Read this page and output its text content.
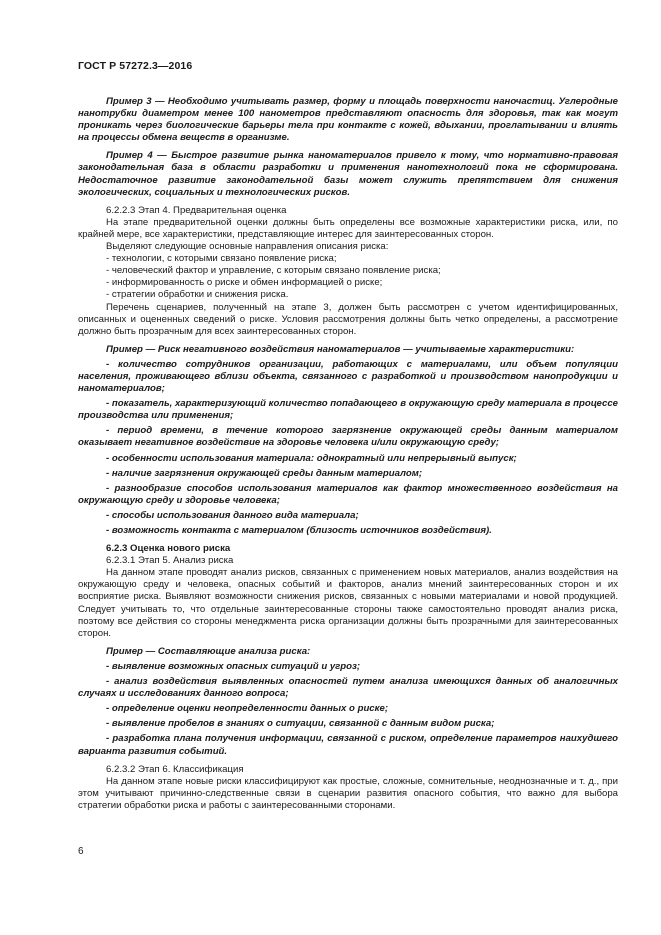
ГОСТ Р 57272.3—2016

Пример 3 — Необходимо учитывать размер, форму и площадь поверхности наночастиц. Углеродные нанотрубки диаметром менее 100 нанометров представляют опасность для здоровья, так как могут проникать через биологические барьеры тела при контакте с кожей, вдыхании, проглатывании и влиять на процессы обмена веществ в организме.

Пример 4 — Быстрое развитие рынка наноматериалов привело к тому, что нормативно-правовая законодательная база в области разработки и применения нанотехнологий пока не сформирована. Недостаточное развитие законодательной базы может служить препятствием для снижения экологических, социальных и технологических рисков.

6.2.2.3 Этап 4. Предварительная оценка

На этапе предварительной оценки должны быть определены все возможные характеристики риска, или, по крайней мере, все характеристики, представляющие интерес для заинтересованных сторон.

Выделяют следующие основные направления описания риска:

- технологии, с которыми связано появление риска;

- человеческий фактор и управление, с которым связано появление риска;

- информированность о риске и обмен информацией о риске;

- стратегии обработки и снижения риска.

Перечень сценариев, полученный на этапе 3, должен быть рассмотрен с учетом идентифицированных, описанных и оцененных сведений о риске. Условия рассмотрения должны быть четко определены, а рассмотрение должно быть прозрачным для всех заинтересованных сторон.

Пример — Риск негативного воздействия наноматериалов — учитываемые характеристики:

- количество сотрудников организации, работающих с материалами, или объем популяции населения, проживающего вблизи объекта, связанного с разработкой и производством нанопродукции и наноматериалов;

- показатель, характеризующий количество попадающего в окружающую среду материала в процессе производства или применения;

- период времени, в течение которого загрязнение окружающей среды данным материалом оказывает негативное воздействие на здоровье человека и/или окружающую среду;

- особенности использования материала: однократный или непрерывный выпуск;

- наличие загрязнения окружающей среды данным материалом;

- разнообразие способов использования материалов как фактор множественного воздействия на окружающую среду и здоровье человека;

- способы использования данного вида материала;

- возможность контакта с материалом (близость источников воздействия).

6.2.3 Оценка нового риска

6.2.3.1 Этап 5. Анализ риска

На данном этапе проводят анализ рисков, связанных с применением новых материалов, анализ воздействия на окружающую среду и человека, опасных событий и факторов, анализ мнений заинтересованных сторон и их восприятие риска. Выявляют возможности снижения рисков, связанных с новыми материалами и новой продукцией. Следует учитывать то, что отдельные заинтересованные стороны также самостоятельно проводят анализ риска, поэтому все действия со стороны менеджмента риска организации должны быть прозрачными для заинтересованных сторон.

Пример — Составляющие анализа риска:

- выявление возможных опасных ситуаций и угроз;

- анализ воздействия выявленных опасностей путем анализа имеющихся данных об аналогичных случаях и исследованиях данного вопроса;

- определение оценки неопределенности данных о риске;

- выявление пробелов в знаниях о ситуации, связанной с данным видом риска;

- разработка плана получения информации, связанной с риском, определение параметров наихудшего варианта развития событий.

6.2.3.2 Этап 6. Классификация

На данном этапе новые риски классифицируют как простые, сложные, сомнительные, неоднозначные и т. д., при этом учитывают причинно-следственные связи в сценарии развития опасного события, что важно для выбора стратегии обработки риска и работы с заинтересованными сторонами.

6
